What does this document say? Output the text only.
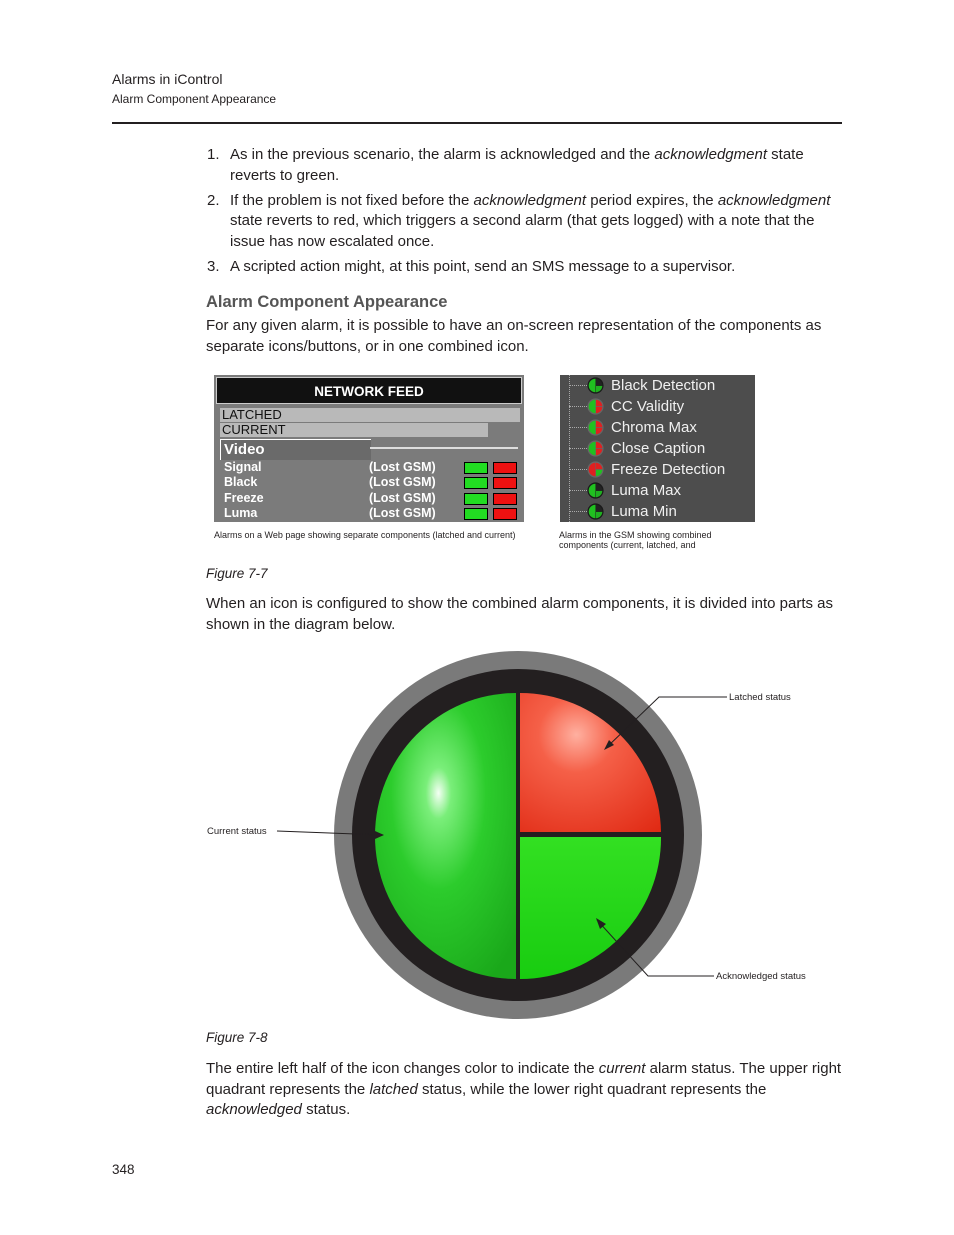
Alarms in iControl
Alarm Component Appearance
1. As in the previous scenario, the alarm is acknowledged and the acknowledgment state reverts to green.
2. If the problem is not fixed before the acknowledgment period expires, the acknowledgment state reverts to red, which triggers a second alarm (that gets logged) with a note that the issue has now escalated once.
3. A scripted action might, at this point, send an SMS message to a supervisor.
Alarm Component Appearance
For any given alarm, it is possible to have an on-screen representation of the components as separate icons/buttons, or in one combined icon.
NETWORK FEED
LATCHED
CURRENT
Video
Signal	(Lost GSM)
Black	(Lost GSM)
Freeze	(Lost GSM)
Luma	(Lost GSM)
Alarms on a Web page showing separate components (latched and current)
Black Detection
CC Validity
Chroma Max
Close Caption
Freeze Detection
Luma Max
Luma Min
Alarms in the GSM showing combined components (current, latched, and
Figure 7-7
When an icon is configured to show the combined alarm components, it is divided into parts as shown in the diagram below.
Latched status
Current status
Acknowledged status
Figure 7-8
The entire left half of the icon changes color to indicate the current alarm status. The upper right quadrant represents the latched status, while the lower right quadrant represents the acknowledged status.
348
